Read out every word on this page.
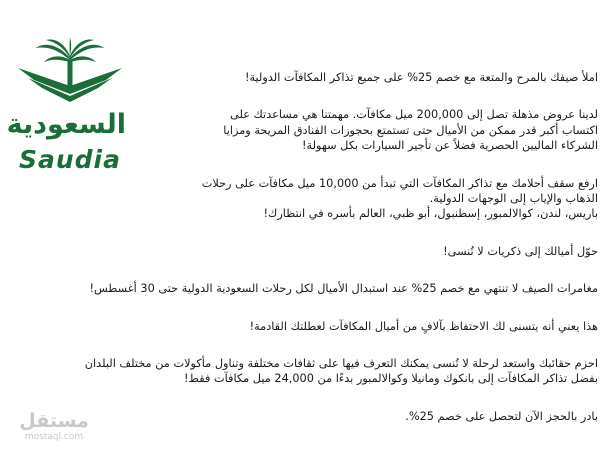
السعودية
Saudia

املأ صيفك بالمرح والمتعة مع خصم 25% على جميع تذاكر المكافآت الدولية!

لدينا عروض مذهلة تصل إلى 200,000 ميل مكافآت. مهمتنا هي مساعدتك على
اكتساب أكبر قدر ممكن من الأميال حتى تستمتع بحجوزات الفنادق المريحة ومزايا
الشركاء الماليين الحصرية فضلاً عن تأجير السيارات بكل سهولة!

ارفع سقف أحلامك مع تذاكر المكافآت التي تبدأ من 10,000 ميل مكافآت على رحلات
الذهاب والإياب إلى الوجهات الدولية.
باريس، لندن، كوالالمبور، إسطنبول، أبو ظبي، العالم بأسره في انتظارك!

حوّل أميالك إلى ذكريات لا تُنسى!

مغامرات الصيف لا تنتهي مع خصم 25% عند استبدال الأميال لكل رحلات السعودية الدولية حتى 30 أغسطس!

هذا يعني أنه يتسنى لك الاحتفاظ بآلافٍ من أميال المكافآت لعطلتك القادمة!

احزم حقائبك واستعد لرحلة لا تُنسى يمكنك التعرف فيها على ثقافات مختلفة وتناول مأكولات من مختلف البلدان
بفضل تذاكر المكافآت إلى بانكوك ومانيلا وكوالالمبور بدءًا من 24,000 ميل مكافآت فقط!

بادر بالحجز الآن لتحصل على خصم 25%.

مستقل
mostaql.com
